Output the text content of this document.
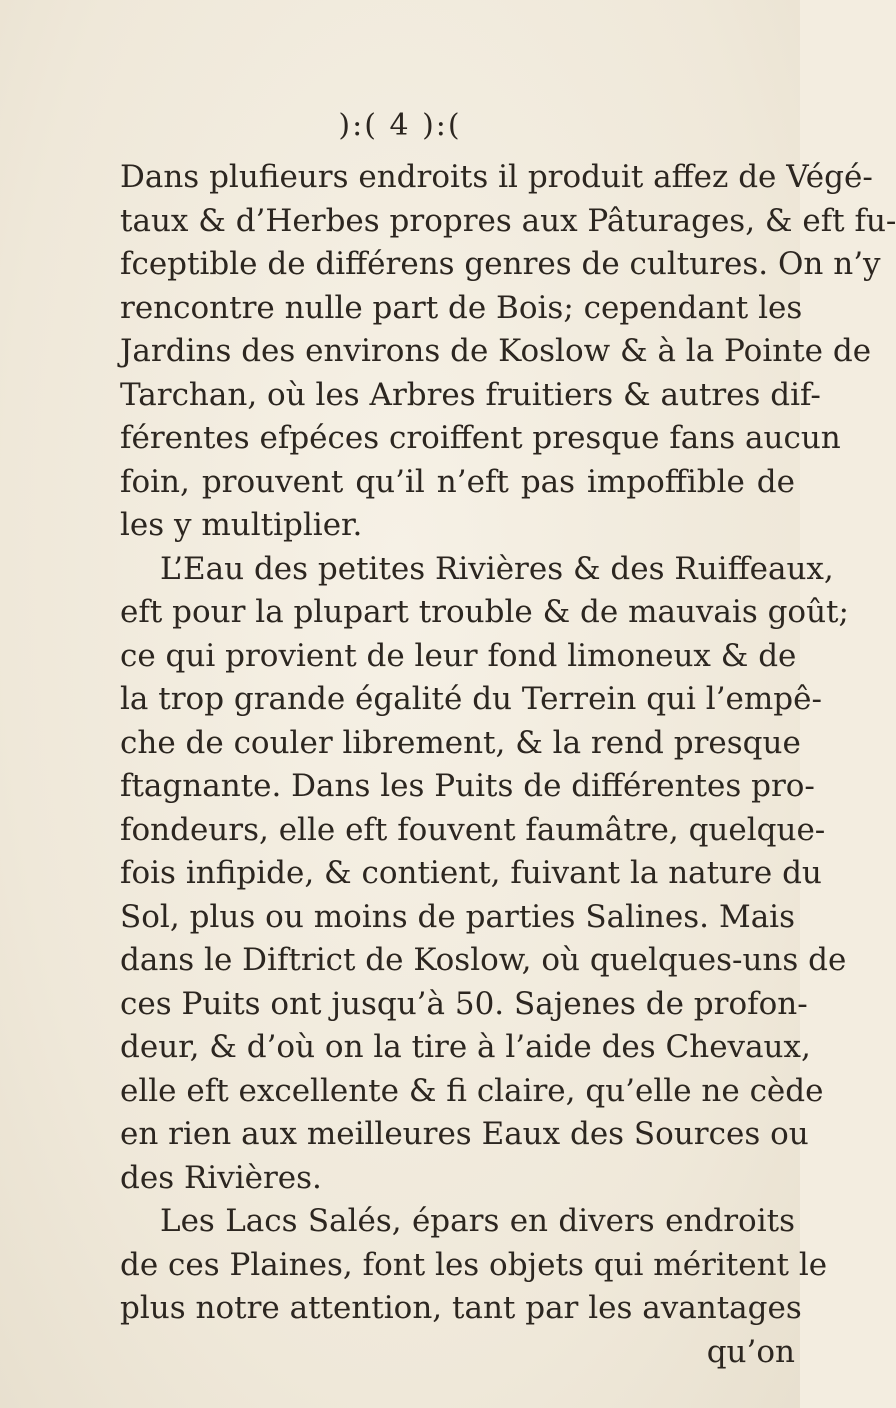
):( 4 ):(
Dans plufieurs endroits il produit affez de Végé-
taux & d’Herbes propres aux Pâturages, & eft fu-
fceptible de différens genres de cultures. On n’y
rencontre nulle part de Bois; cependant les
Jardins des environs de Koslow & à la Pointe de
Tarchan, où les Arbres fruitiers & autres dif-
férentes efpéces croiffent presque fans aucun
foin, prouvent qu’il n’eft pas impoffible de
les y multiplier.
L’Eau des petites Rivières & des Ruiffeaux,
eft pour la plupart trouble & de mauvais goût;
ce qui provient de leur fond limoneux & de
la trop grande égalité du Terrein qui l’empê-
che de couler librement, & la rend presque
ftagnante. Dans les Puits de différentes pro-
fondeurs, elle eft fouvent faumâtre, quelque-
fois infipide, & contient, fuivant la nature du
Sol, plus ou moins de parties Salines. Mais
dans le Diftrict de Koslow, où quelques-uns de
ces Puits ont jusqu’à 50. Sajenes de profon-
deur, & d’où on la tire à l’aide des Chevaux,
elle eft excellente & fi claire, qu’elle ne cède
en rien aux meilleures Eaux des Sources ou
des Rivières.
Les Lacs Salés, épars en divers endroits
de ces Plaines, font les objets qui méritent le
plus notre attention, tant par les avantages
qu’on
